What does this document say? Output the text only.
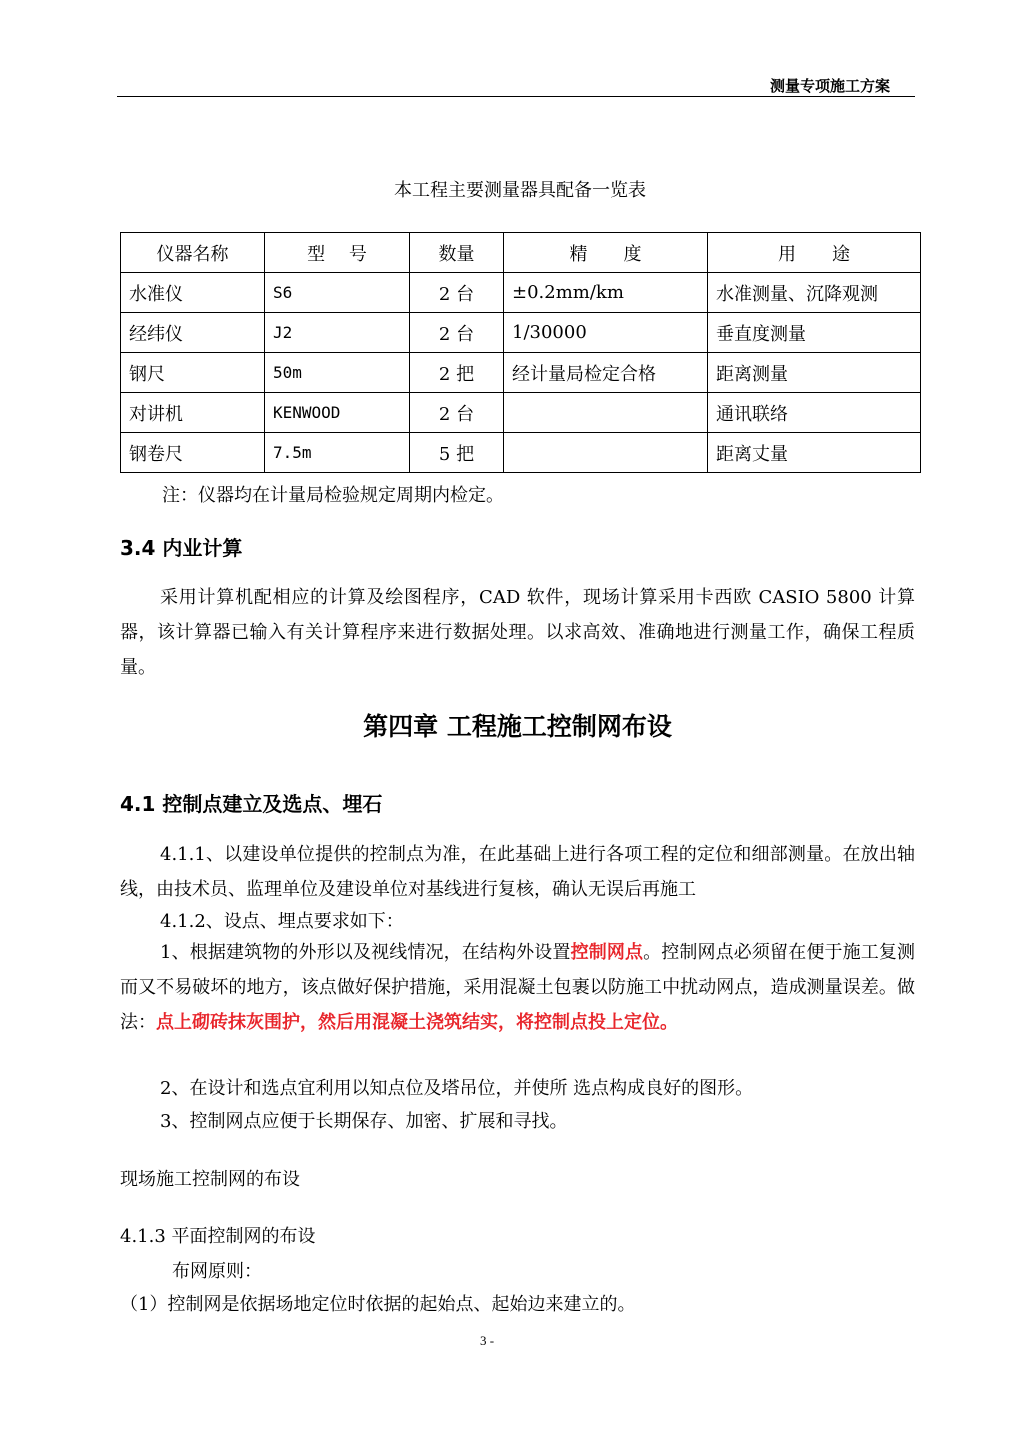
测量专项施工方案
本工程主要测量器具配备一览表
仪器名称	型　 号	数量	精　　度	用　　途
水准仪	S6	2 台	±0.2mm/km	水准测量、沉降观测
经纬仪	J2	2 台	1/30000	垂直度测量
钢尺	50m	2 把	经计量局检定合格	距离测量
对讲机	KENWOOD	2 台		通讯联络
钢卷尺	7.5m	5 把		距离丈量
注：仪器均在计量局检验规定周期内检定。
3.4 内业计算

采用计算机配相应的计算及绘图程序，CAD 软件，现场计算采用卡西欧 CASIO 5800 计算器，该计算器已输入有关计算程序来进行数据处理。以求高效、准确地进行测量工作，确保工程质量。

第四章 工程施工控制网布设
4.1 控制点建立及选点、埋石

4.1.1、以建设单位提供的控制点为准，在此基础上进行各项工程的定位和细部测量。在放出轴线，由技术员、监理单位及建设单位对基线进行复核，确认无误后再施工

4.1.2、设点、埋点要求如下：

1、根据建筑物的外形以及视线情况，在结构外设置控制网点。控制网点必须留在便于施工复测而又不易破坏的地方，该点做好保护措施，采用混凝土包裹以防施工中扰动网点，造成测量误差。做法：点上砌砖抹灰围护，然后用混凝土浇筑结实，将控制点投上定位。

2、在设计和选点宜利用以知点位及塔吊位，并使所 选点构成良好的图形。
3、控制网点应便于长期保存、加密、扩展和寻找。
现场施工控制网的布设
4.1.3 平面控制网的布设
布网原则：
（1）控制网是依据场地定位时依据的起始点、起始边来建立的。
3 -
